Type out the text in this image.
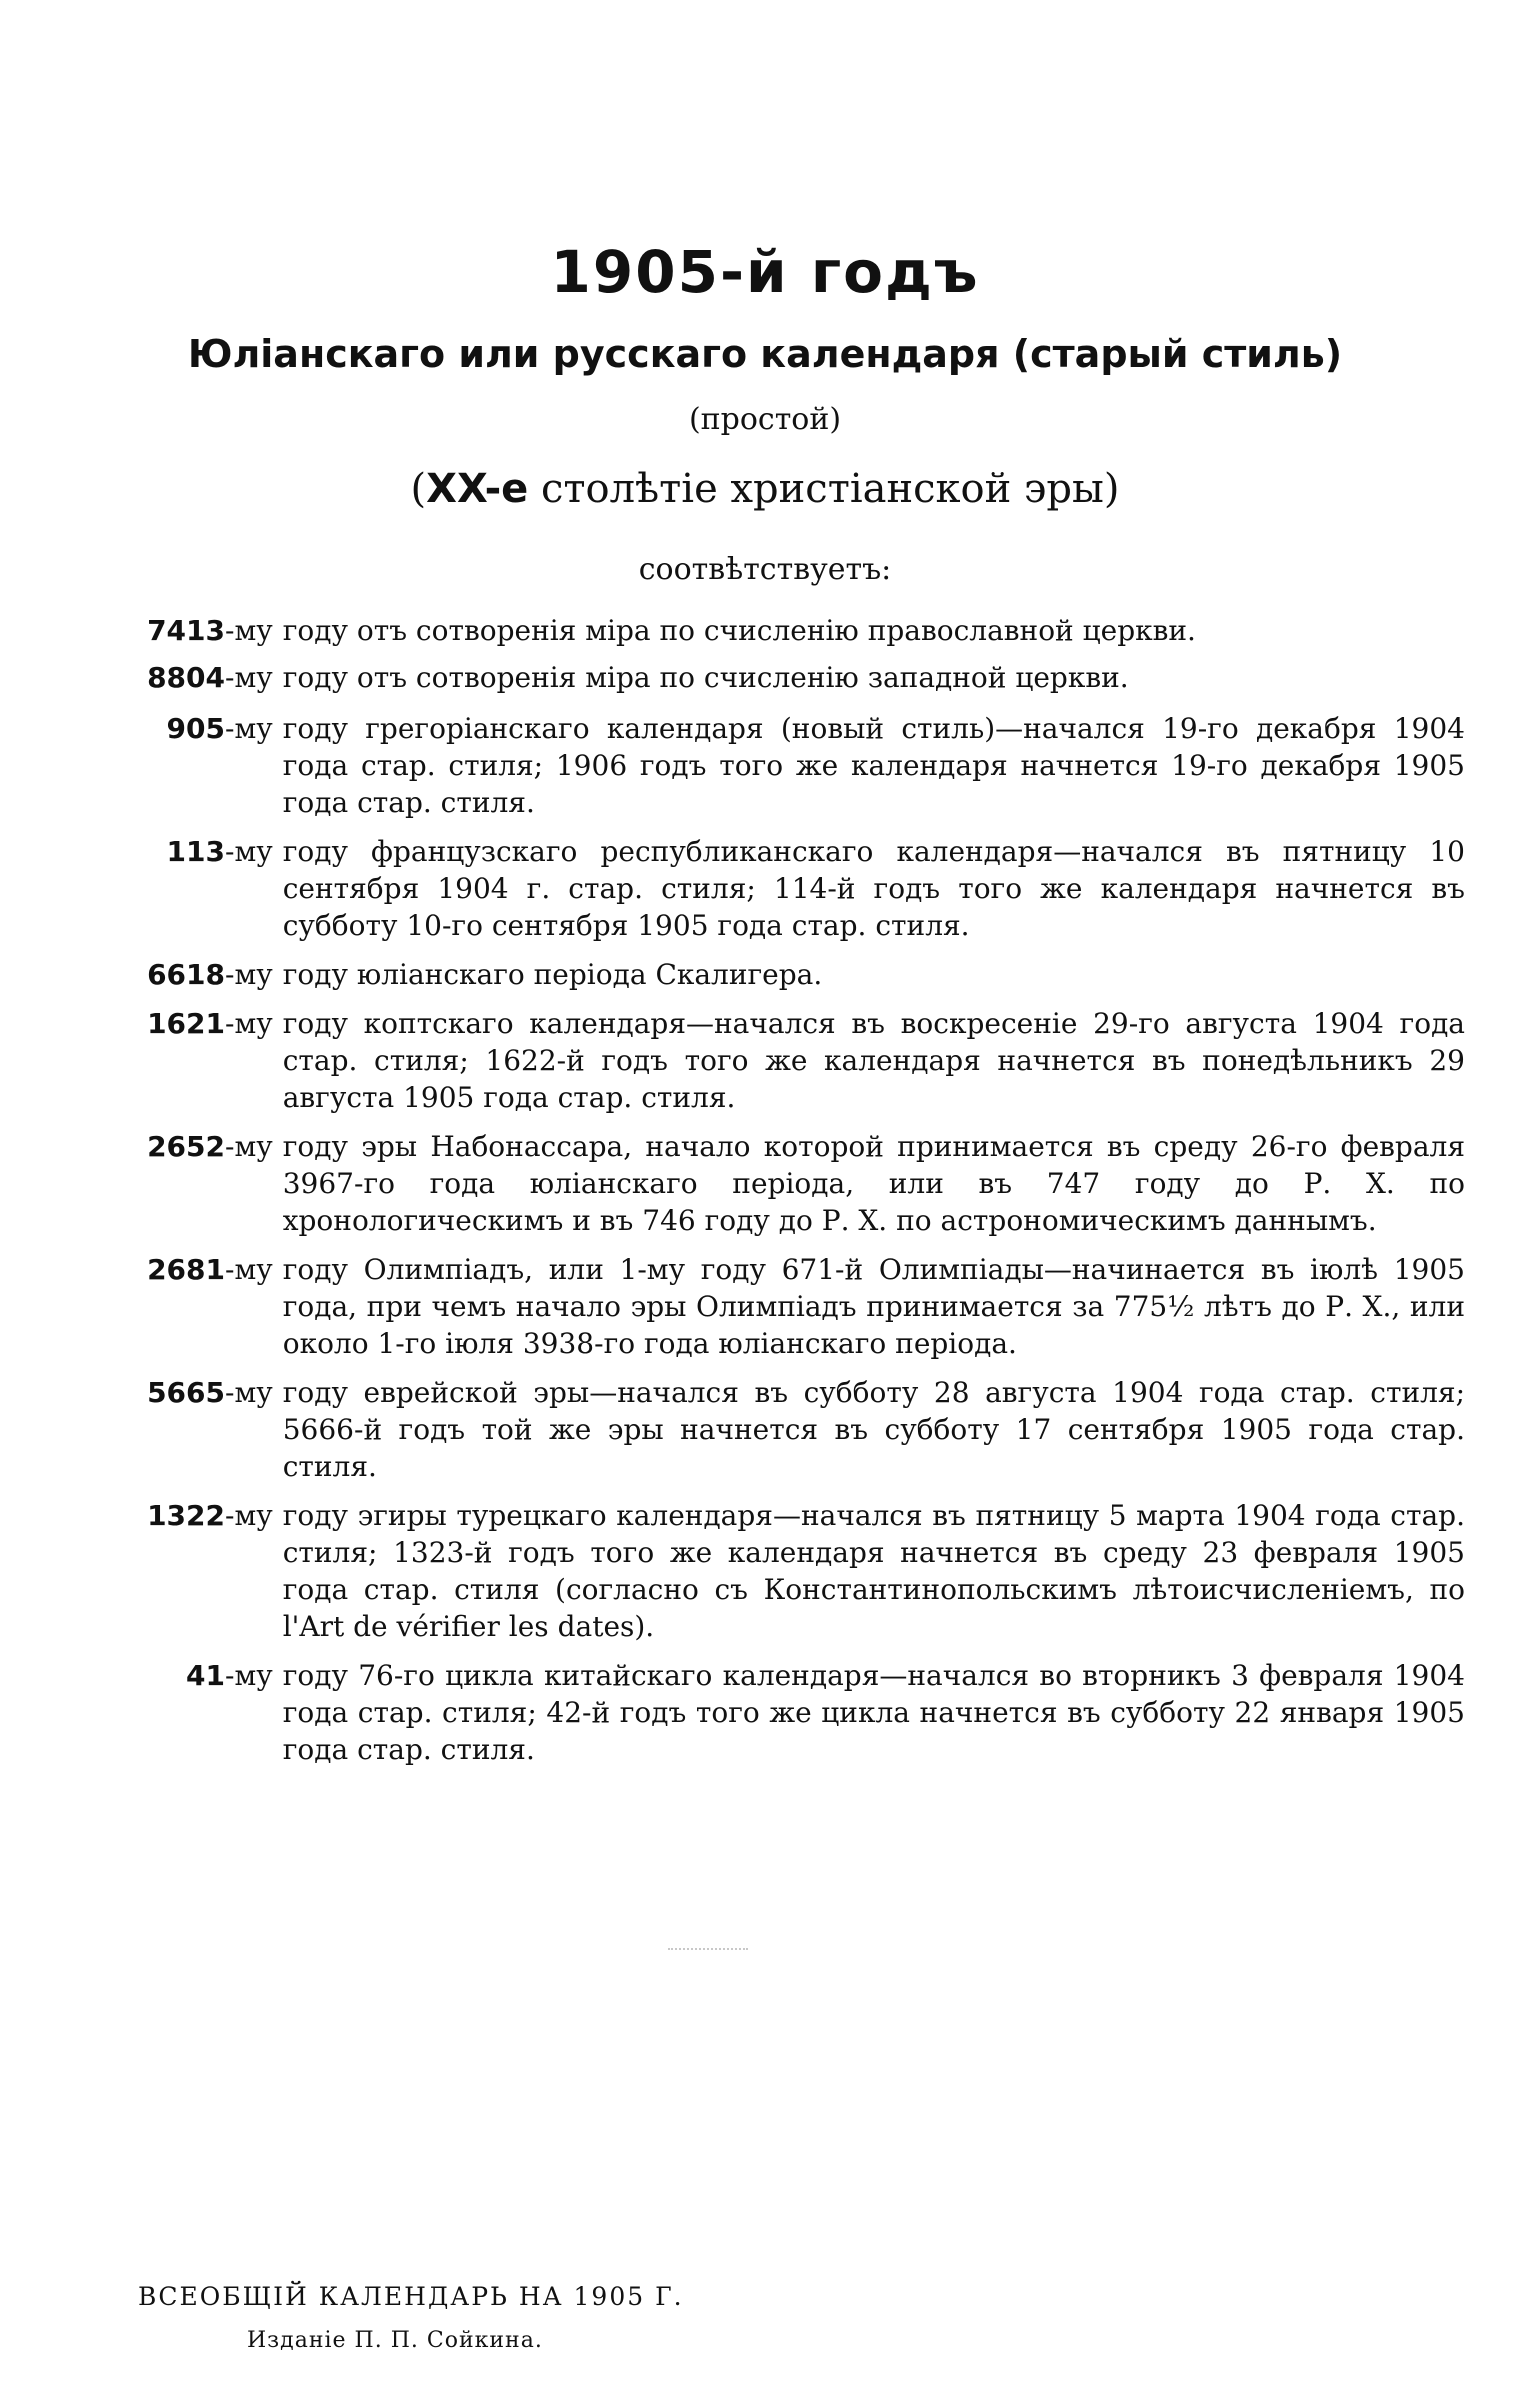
1905-й годъ
Юліанскаго или русскаго календаря (старый стиль)
(простой)
(XX-е столѣтіе христіанской эры)
соотвѣтствуетъ:
7413 -му году отъ сотворенія міра по счисленію православной церкви.
8804 -му году отъ сотворенія міра по счисленію западной церкви.
905 -му году грегоріанскаго календаря (новый стиль)—начался 19-го декабря 1904 года стар. стиля; 1906 годъ того же календаря начнется 19-го декабря 1905 года стар. стиля.
113 -му году французскаго республиканскаго календаря—начался въ пятницу 10 сентября 1904 г. стар. стиля; 114-й годъ того же календаря начнется въ субботу 10-го сентября 1905 года стар. стиля.
6618 -му году юліанскаго періода Скалигера.
1621 -му году коптскаго календаря—начался въ воскресеніе 29-го августа 1904 года стар. стиля; 1622-й годъ того же календаря начнется въ понедѣльникъ 29 августа 1905 года стар. стиля.
2652 -му году эры Набонассара, начало которой принимается въ среду 26-го февраля 3967-го года юліанскаго періода, или въ 747 году до Р. Х. по хронологическимъ и въ 746 году до Р. Х. по астрономическимъ даннымъ.
2681 -му году Олимпіадъ, или 1-му году 671-й Олимпіады—начинается въ іюлѣ 1905 года, при чемъ начало эры Олимпіадъ принимается за 775½ лѣтъ до Р. Х., или около 1-го іюля 3938-го года юліанскаго періода.
5665 -му году еврейской эры—начался въ субботу 28 августа 1904 года стар. стиля; 5666-й годъ той же эры начнется въ субботу 17 сентября 1905 года стар. стиля.
1322 -му году эгиры турецкаго календаря—начался въ пятницу 5 марта 1904 года стар. стиля; 1323-й годъ того же календаря начнется въ среду 23 февраля 1905 года стар. стиля (согласно съ Константинопольскимъ лѣтоисчисленіемъ, по l'Art de vérifier les dates).
41 -му году 76-го цикла китайскаго календаря—начался во вторникъ 3 февраля 1904 года стар. стиля; 42-й годъ того же цикла начнется въ субботу 22 января 1905 года стар. стиля.
ВСЕОБЩІЙ КАЛЕНДАРЬ НА 1905 Г.
Изданіе П. П. Сойкина.
